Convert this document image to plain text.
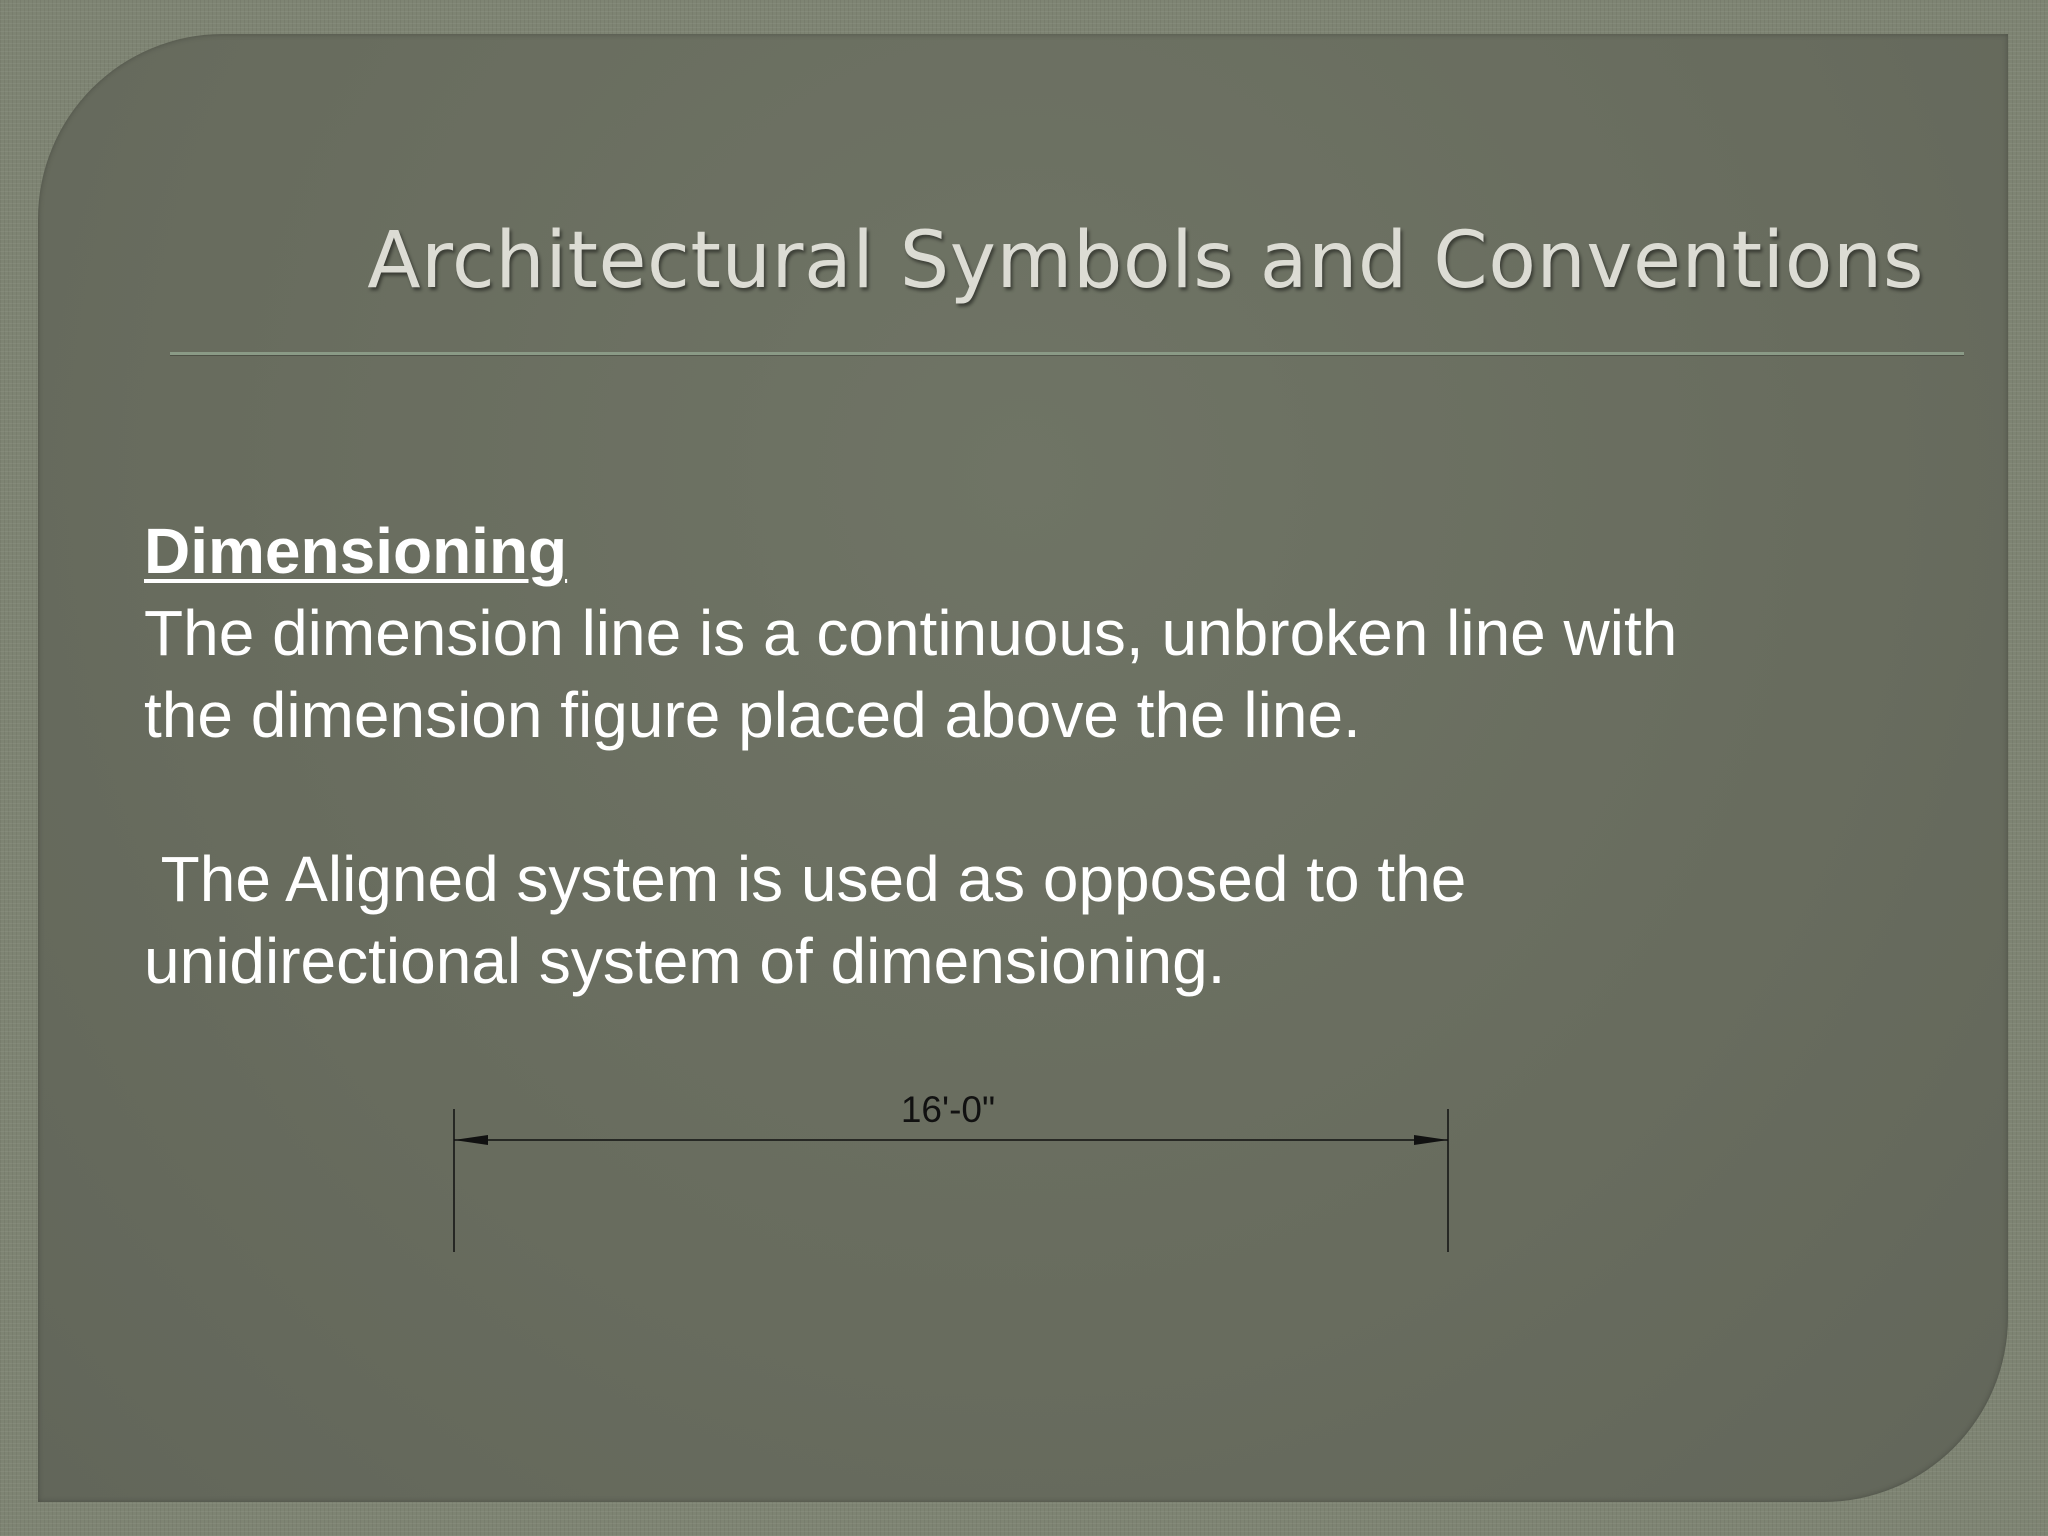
Architectural Symbols and Conventions

Dimensioning

The dimension line is a continuous, unbroken line with

the dimension figure placed above the line.

The Aligned system is used as opposed to the

unidirectional system of dimensioning.

16'-0"
